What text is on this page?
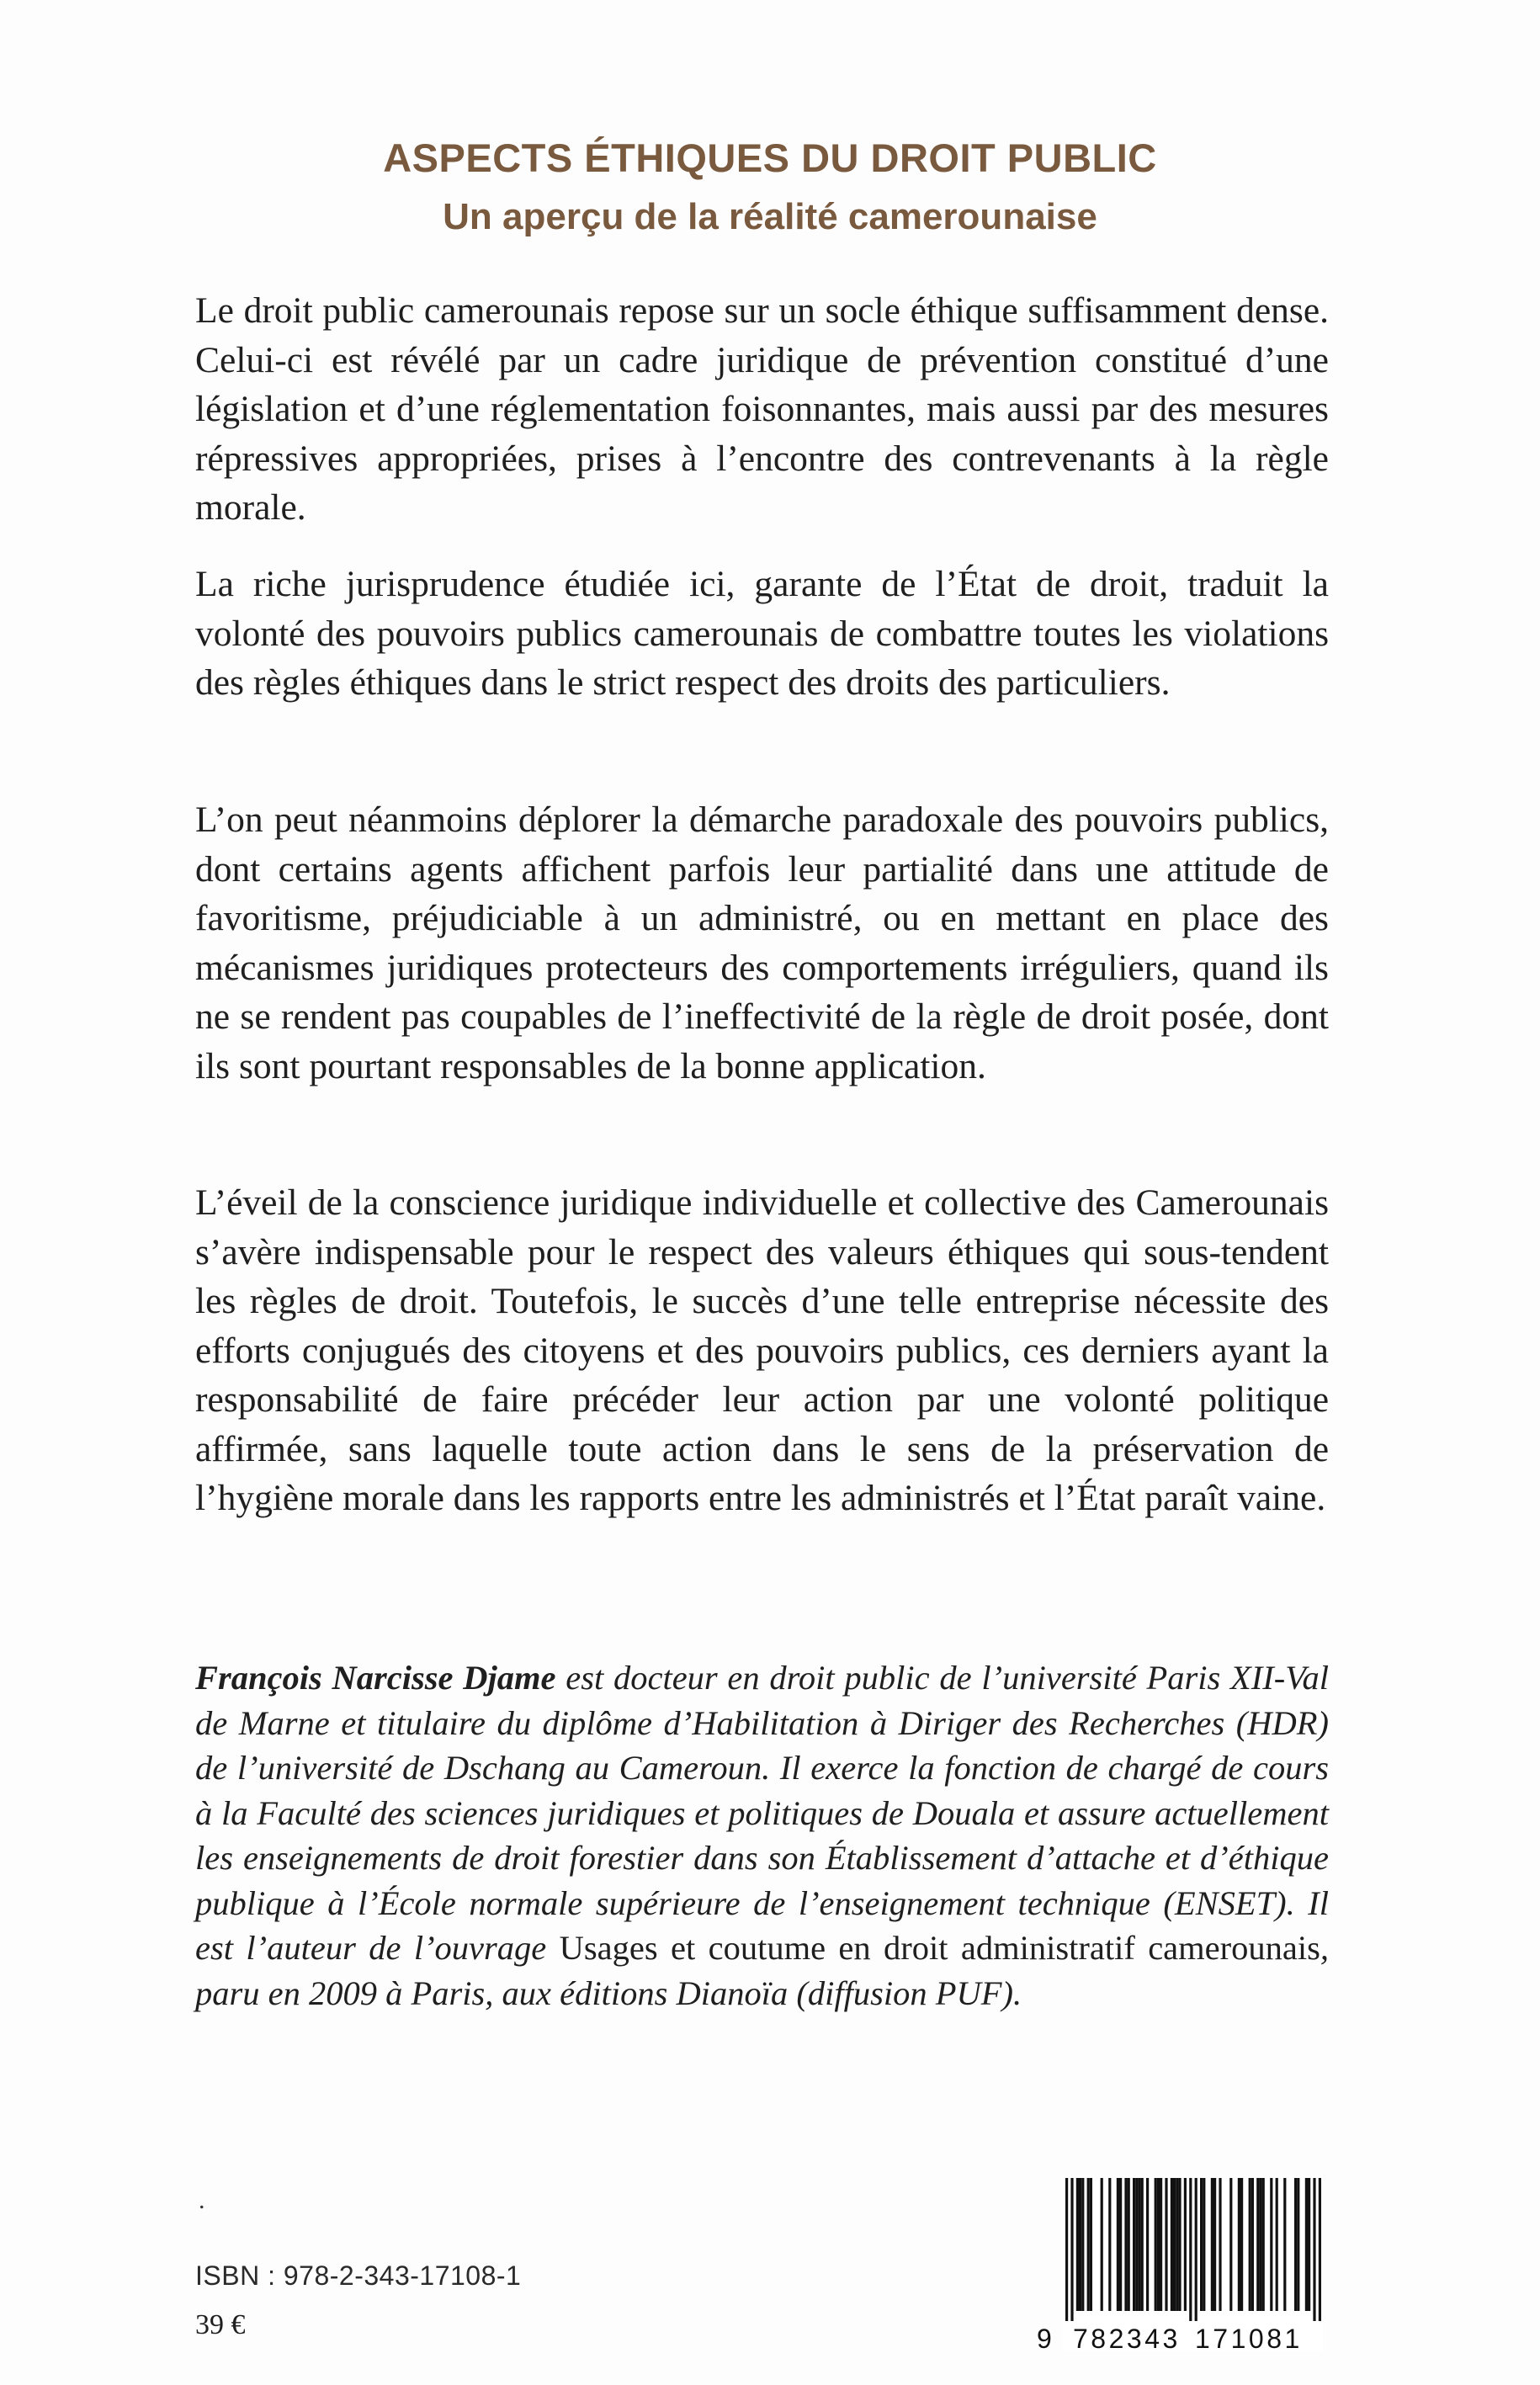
ASPECTS ÉTHIQUES DU DROIT PUBLIC
Un aperçu de la réalité camerounaise

Le droit public camerounais repose sur un socle éthique suffisamment dense. Celui-ci est révélé par un cadre juridique de prévention constitué d’une législation et d’une réglementation foisonnantes, mais aussi par des mesures répressives appropriées, prises à l’encontre des contrevenants à la règle morale.

La riche jurisprudence étudiée ici, garante de l’État de droit, traduit la volonté des pouvoirs publics camerounais de combattre toutes les violations des règles éthiques dans le strict respect des droits des particuliers.

L’on peut néanmoins déplorer la démarche paradoxale des pouvoirs publics, dont certains agents affichent parfois leur partialité dans une attitude de favoritisme, préjudiciable à un administré, ou en mettant en place des mécanismes juridiques protecteurs des comportements irréguliers, quand ils ne se rendent pas coupables de l’ineffectivité de la règle de droit posée, dont ils sont pourtant responsables de la bonne application.

L’éveil de la conscience juridique individuelle et collective des Camerounais s’avère indispensable pour le respect des valeurs éthiques qui sous-tendent les règles de droit. Toutefois, le succès d’une telle entreprise nécessite des efforts conjugués des citoyens et des pouvoirs publics, ces derniers ayant la responsabilité de faire précéder leur action par une volonté politique affirmée, sans laquelle toute action dans le sens de la préservation de l’hygiène morale dans les rapports entre les administrés et l’État paraît vaine.

François Narcisse Djame est docteur en droit public de l’université Paris XII-Val de Marne et titulaire du diplôme d’Habilitation à Diriger des Recherches (HDR) de l’université de Dschang au Cameroun. Il exerce la fonction de chargé de cours à la Faculté des sciences juridiques et politiques de Douala et assure actuellement les enseignements de droit forestier dans son Établissement d’attache et d’éthique publique à l’École normale supérieure de l’enseignement technique (ENSET). Il est l’auteur de l’ouvrage Usages et coutume en droit administratif camerounais, paru en 2009 à Paris, aux éditions Dianoïa (diffusion PUF).

.
ISBN : 978-2-343-17108-1
39 €	9 782343 171081
